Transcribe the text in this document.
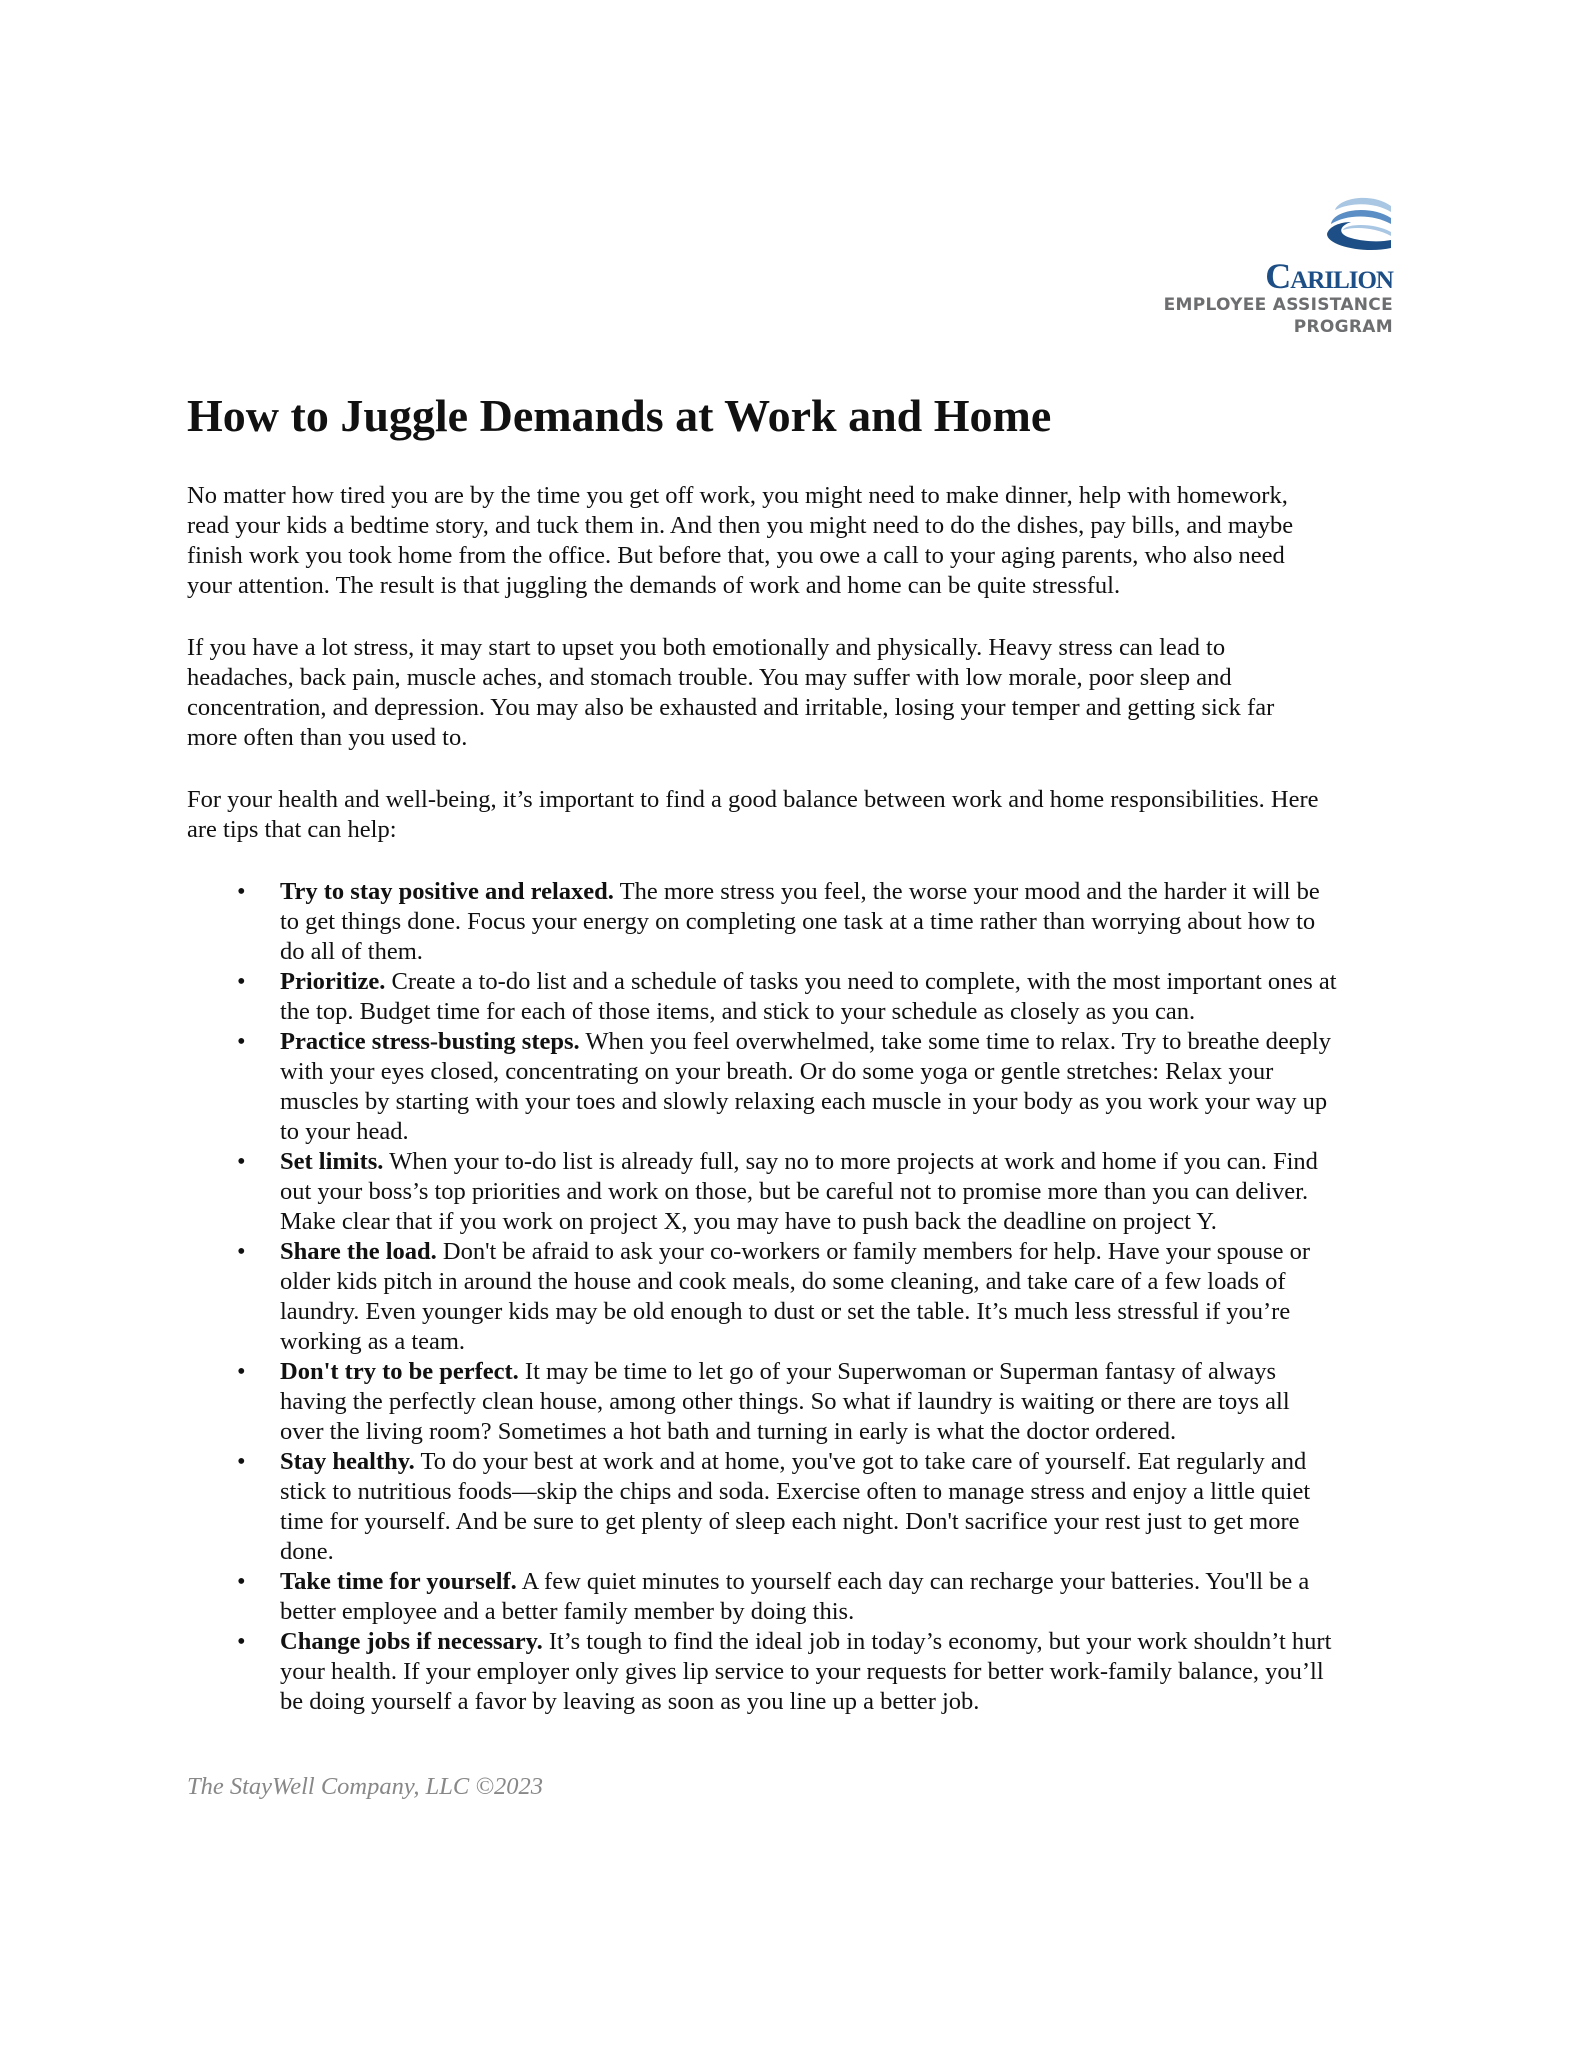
Carilion
EMPLOYEE ASSISTANCE
PROGRAM
How to Juggle Demands at Work and Home

No matter how tired you are by the time you get off work, you might need to make dinner, help with homework,
read your kids a bedtime story, and tuck them in. And then you might need to do the dishes, pay bills, and maybe
finish work you took home from the office. But before that, you owe a call to your aging parents, who also need
your attention. The result is that juggling the demands of work and home can be quite stressful.

If you have a lot stress, it may start to upset you both emotionally and physically. Heavy stress can lead to
headaches, back pain, muscle aches, and stomach trouble. You may suffer with low morale, poor sleep and
concentration, and depression. You may also be exhausted and irritable, losing your temper and getting sick far
more often than you used to.

For your health and well-being, it’s important to find a good balance between work and home responsibilities. Here
are tips that can help:

• Try to stay positive and relaxed. The more stress you feel, the worse your mood and the harder it will be
to get things done. Focus your energy on completing one task at a time rather than worrying about how to
do all of them.
• Prioritize. Create a to-do list and a schedule of tasks you need to complete, with the most important ones at
the top. Budget time for each of those items, and stick to your schedule as closely as you can.
• Practice stress-busting steps. When you feel overwhelmed, take some time to relax. Try to breathe deeply
with your eyes closed, concentrating on your breath. Or do some yoga or gentle stretches: Relax your
muscles by starting with your toes and slowly relaxing each muscle in your body as you work your way up
to your head.
• Set limits. When your to-do list is already full, say no to more projects at work and home if you can. Find
out your boss’s top priorities and work on those, but be careful not to promise more than you can deliver.
Make clear that if you work on project X, you may have to push back the deadline on project Y.
• Share the load. Don't be afraid to ask your co-workers or family members for help. Have your spouse or
older kids pitch in around the house and cook meals, do some cleaning, and take care of a few loads of
laundry. Even younger kids may be old enough to dust or set the table. It’s much less stressful if you’re
working as a team.
• Don't try to be perfect. It may be time to let go of your Superwoman or Superman fantasy of always
having the perfectly clean house, among other things. So what if laundry is waiting or there are toys all
over the living room? Sometimes a hot bath and turning in early is what the doctor ordered.
• Stay healthy. To do your best at work and at home, you've got to take care of yourself. Eat regularly and
stick to nutritious foods—skip the chips and soda. Exercise often to manage stress and enjoy a little quiet
time for yourself. And be sure to get plenty of sleep each night. Don't sacrifice your rest just to get more
done.
• Take time for yourself. A few quiet minutes to yourself each day can recharge your batteries. You'll be a
better employee and a better family member by doing this.
• Change jobs if necessary. It’s tough to find the ideal job in today’s economy, but your work shouldn’t hurt
your health. If your employer only gives lip service to your requests for better work-family balance, you’ll
be doing yourself a favor by leaving as soon as you line up a better job.
The StayWell Company, LLC ©2023
